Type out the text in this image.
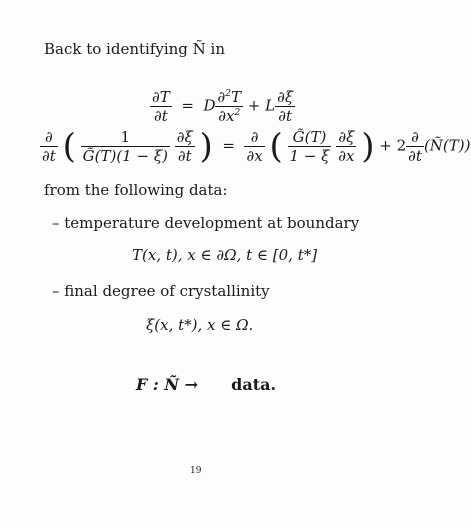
Back to identifying Ñ in
$\frac{\partial T}{\partial t} = D \frac{\partial^2T}{\partial x^2} + L \frac{\partial\xi}{\partial t}$
$\frac{\partial}{\partial t}$ ( $\frac{1}{G̃(T)(1 - \xi)}$
$\frac{\partial\xi}{\partial t}$ )  = $\frac{\partial}{\partial x}$ ( $\frac{G̃(T)}{1 - \xi}$
$\frac{\partial\xi}{\partial x}$ ) + $2 \frac{\partial}{\partial t}$ (Ñ(T))
from the following data:
– temperature development at boundary
T(x, t), x ∈ ∂Ω, t ∈ [0, t*]
– final degree of crystallinity
ξ(x, t*), x ∈ Ω.
F : Ñ → data.
19
